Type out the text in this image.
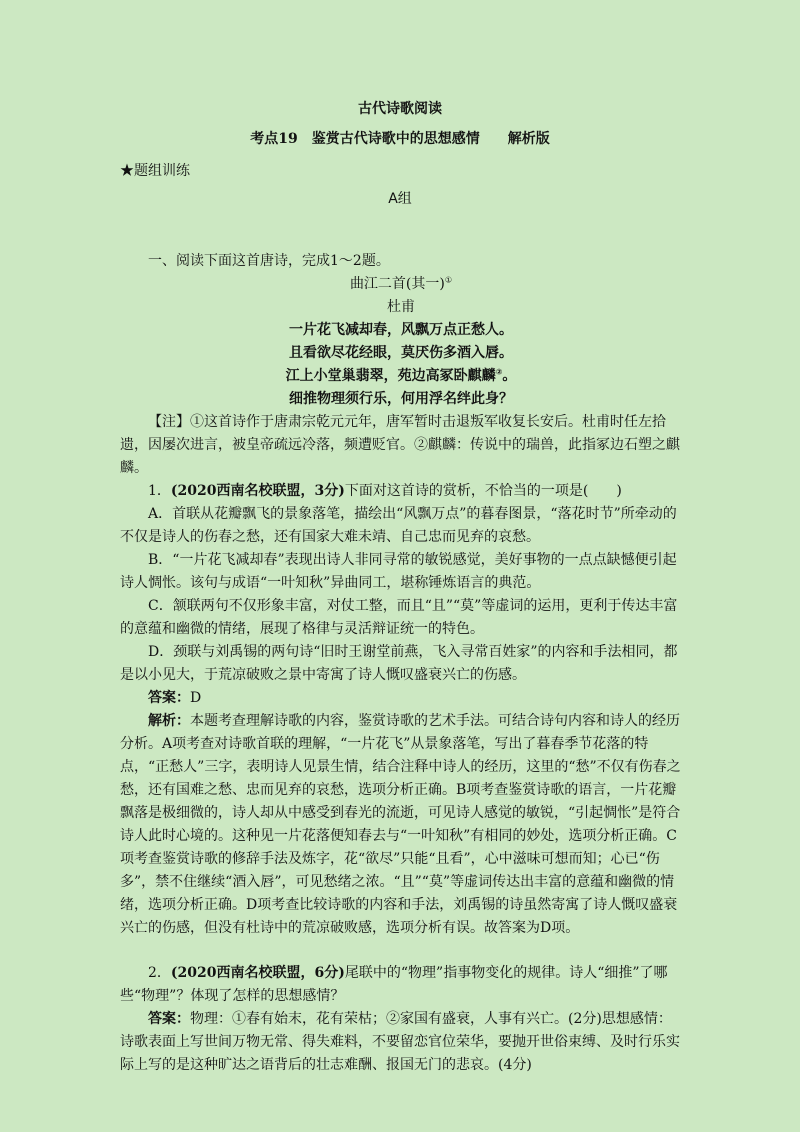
古代诗歌阅读
考点19　鉴赏古代诗歌中的思想感情　　解析版
★题组训练
A组

一、阅读下面这首唐诗，完成1～2题。

曲江二首(其一)①

杜甫

一片花飞减却春，风飘万点正愁人。

且看欲尽花经眼，莫厌伤多酒入唇。

江上小堂巢翡翠，苑边高冢卧麒麟②。

细推物理须行乐，何用浮名绊此身？

【注】①这首诗作于唐肃宗乾元元年，唐军暂时击退叛军收复长安后。杜甫时任左拾遗，因屡次进言，被皇帝疏远冷落，频遭贬官。②麒麟：传说中的瑞兽，此指冢边石塑之麒麟。

1．(2020西南名校联盟，3分)下面对这首诗的赏析，不恰当的一项是(　　)

A．首联从花瓣飘飞的景象落笔，描绘出“风飘万点”的暮春图景，“落花时节”所牵动的不仅是诗人的伤春之愁，还有国家大难未靖、自己忠而见弃的哀愁。

B．“一片花飞减却春”表现出诗人非同寻常的敏锐感觉，美好事物的一点点缺憾便引起诗人惆怅。该句与成语“一叶知秋”异曲同工，堪称锤炼语言的典范。

C．颔联两句不仅形象丰富，对仗工整，而且“且”“莫”等虚词的运用，更利于传达丰富的意蕴和幽微的情绪，展现了格律与灵活辩证统一的特色。

D．颈联与刘禹锡的两句诗“旧时王谢堂前燕，飞入寻常百姓家”的内容和手法相同，都是以小见大，于荒凉破败之景中寄寓了诗人慨叹盛衰兴亡的伤感。

答案：D

解析：本题考查理解诗歌的内容，鉴赏诗歌的艺术手法。可结合诗句内容和诗人的经历分析。A项考查对诗歌首联的理解，“一片花飞”从景象落笔，写出了暮春季节花落的特点，“正愁人”三字，表明诗人见景生情，结合注释中诗人的经历，这里的“愁”不仅有伤春之愁，还有国难之愁、忠而见弃的哀愁，选项分析正确。B项考查鉴赏诗歌的语言，一片花瓣飘落是极细微的，诗人却从中感受到春光的流逝，可见诗人感觉的敏锐，“引起惆怅”是符合诗人此时心境的。这种见一片花落便知春去与“一叶知秋”有相同的妙处，选项分析正确。C项考查鉴赏诗歌的修辞手法及炼字，花“欲尽”只能“且看”，心中滋味可想而知；心已“伤多”，禁不住继续“酒入唇”，可见愁绪之浓。“且”“莫”等虚词传达出丰富的意蕴和幽微的情绪，选项分析正确。D项考查比较诗歌的内容和手法，刘禹锡的诗虽然寄寓了诗人慨叹盛衰兴亡的伤感，但没有杜诗中的荒凉破败感，选项分析有误。故答案为D项。

2．(2020西南名校联盟，6分)尾联中的“物理”指事物变化的规律。诗人“细推”了哪些“物理”？体现了怎样的思想感情？

答案：物理：①春有始末，花有荣枯；②家国有盛衰，人事有兴亡。(2分)思想感情：诗歌表面上写世间万物无常、得失难料，不要留恋官位荣华，要抛开世俗束缚、及时行乐实际上写的是这种旷达之语背后的壮志难酬、报国无门的悲哀。(4分)
